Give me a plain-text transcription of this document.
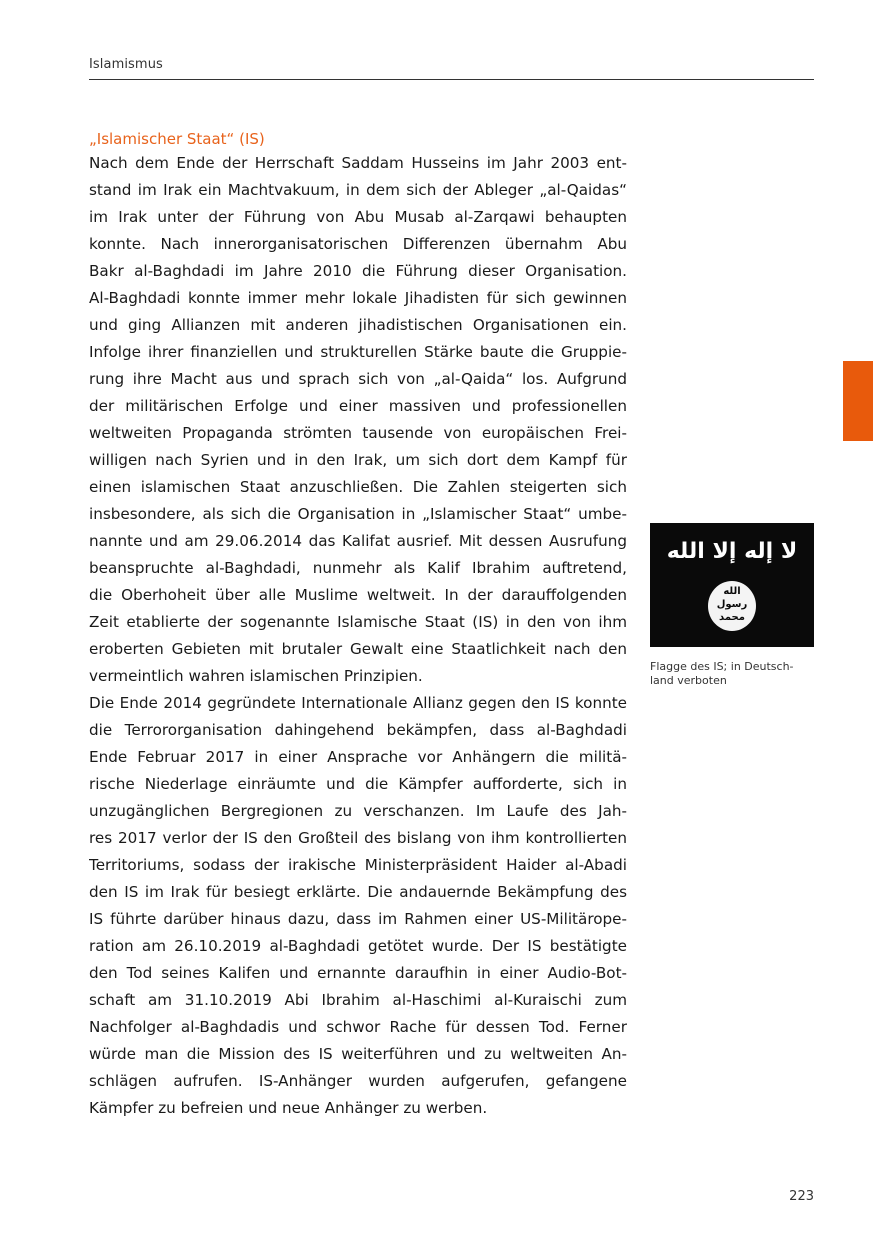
Islamismus
„Islamischer Staat“ (IS)
Nach dem Ende der Herrschaft Saddam Husseins im Jahr 2003 ent-
stand im Irak ein Machtvakuum, in dem sich der Ableger „al-Qaidas“
im Irak unter der Führung von Abu Musab al-Zarqawi behaupten
konnte. Nach innerorganisatorischen Differenzen übernahm Abu
Bakr al-Baghdadi im Jahre 2010 die Führung dieser Organisation.
Al-Baghdadi konnte immer mehr lokale Jihadisten für sich gewinnen
und ging Allianzen mit anderen jihadistischen Organisationen ein.
Infolge ihrer finanziellen und strukturellen Stärke baute die Gruppie-
rung ihre Macht aus und sprach sich von „al-Qaida“ los. Aufgrund
der militärischen Erfolge und einer massiven und professionellen
weltweiten Propaganda strömten tausende von europäischen Frei-
willigen nach Syrien und in den Irak, um sich dort dem Kampf für
einen islamischen Staat anzuschließen. Die Zahlen steigerten sich
insbesondere, als sich die Organisation in „Islamischer Staat“ umbe-
nannte und am 29.06.2014 das Kalifat ausrief. Mit dessen Ausrufung
beanspruchte al-Baghdadi, nunmehr als Kalif Ibrahim auftretend,
die Oberhoheit über alle Muslime weltweit. In der darauffolgenden
Zeit etablierte der sogenannte Islamische Staat (IS) in den von ihm
eroberten Gebieten mit brutaler Gewalt eine Staatlichkeit nach den
vermeintlich wahren islamischen Prinzipien.
Die Ende 2014 gegründete Internationale Allianz gegen den IS konnte
die Terrororganisation dahingehend bekämpfen, dass al-Baghdadi
Ende Februar 2017 in einer Ansprache vor Anhängern die militä-
rische Niederlage einräumte und die Kämpfer aufforderte, sich in
unzugänglichen Bergregionen zu verschanzen. Im Laufe des Jah-
res 2017 verlor der IS den Großteil des bislang von ihm kontrollierten
Territoriums, sodass der irakische Ministerpräsident Haider al-Abadi
den IS im Irak für besiegt erklärte. Die andauernde Bekämpfung des
IS führte darüber hinaus dazu, dass im Rahmen einer US-Militärope-
ration am 26.10.2019 al-Baghdadi getötet wurde. Der IS bestätigte
den Tod seines Kalifen und ernannte daraufhin in einer Audio-Bot-
schaft am 31.10.2019 Abi Ibrahim al-Haschimi al-Kuraischi zum
Nachfolger al-Baghdadis und schwor Rache für dessen Tod. Ferner
würde man die Mission des IS weiterführen und zu weltweiten An-
schlägen aufrufen. IS-Anhänger wurden aufgerufen, gefangene
Kämpfer zu befreien und neue Anhänger zu werben.
لا إله إلا الله
الله
رسول
محمد
Flagge des IS; in Deutsch-
land verboten
223
